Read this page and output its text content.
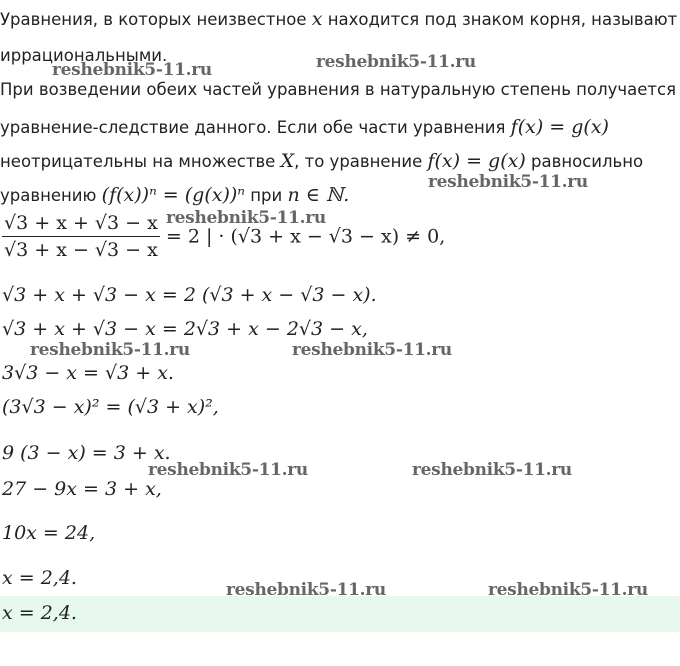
Уравнения, в которых неизвестное x находится под знаком корня, называют
иррациональными.
При возведении обеих частей уравнения в натуральную степень получается
уравнение-следствие данного. Если обе части уравнения f(x) = g(x)
неотрицательны на множестве X, то уравнение f(x) = g(x) равносильно
уравнению (f(x))ⁿ = (g(x))ⁿ при n ∈ ℕ.
$\frac{√3 + x + √3 - x}{√3 + x - √3 - x} = 2$ | · (√3 + x − √3 − x) ≠ 0,
√3 + x + √3 − x = 2 (√3 + x − √3 − x).
√3 + x + √3 − x = 2√3 + x − 2√3 − x,
3√3 − x = √3 + x.
(3√3 − x)² = (√3 + x)²,
9 (3 − x) = 3 + x.
27 − 9x = 3 + x,
10x = 24,
x = 2,4.
x = 2,4.
reshebnik5-11.ru	reshebnik5-11.ru
reshebnik5-11.ru
reshebnik5-11.ru
reshebnik5-11.ru	reshebnik5-11.ru
reshebnik5-11.ru	reshebnik5-11.ru
reshebnik5-11.ru	reshebnik5-11.ru
